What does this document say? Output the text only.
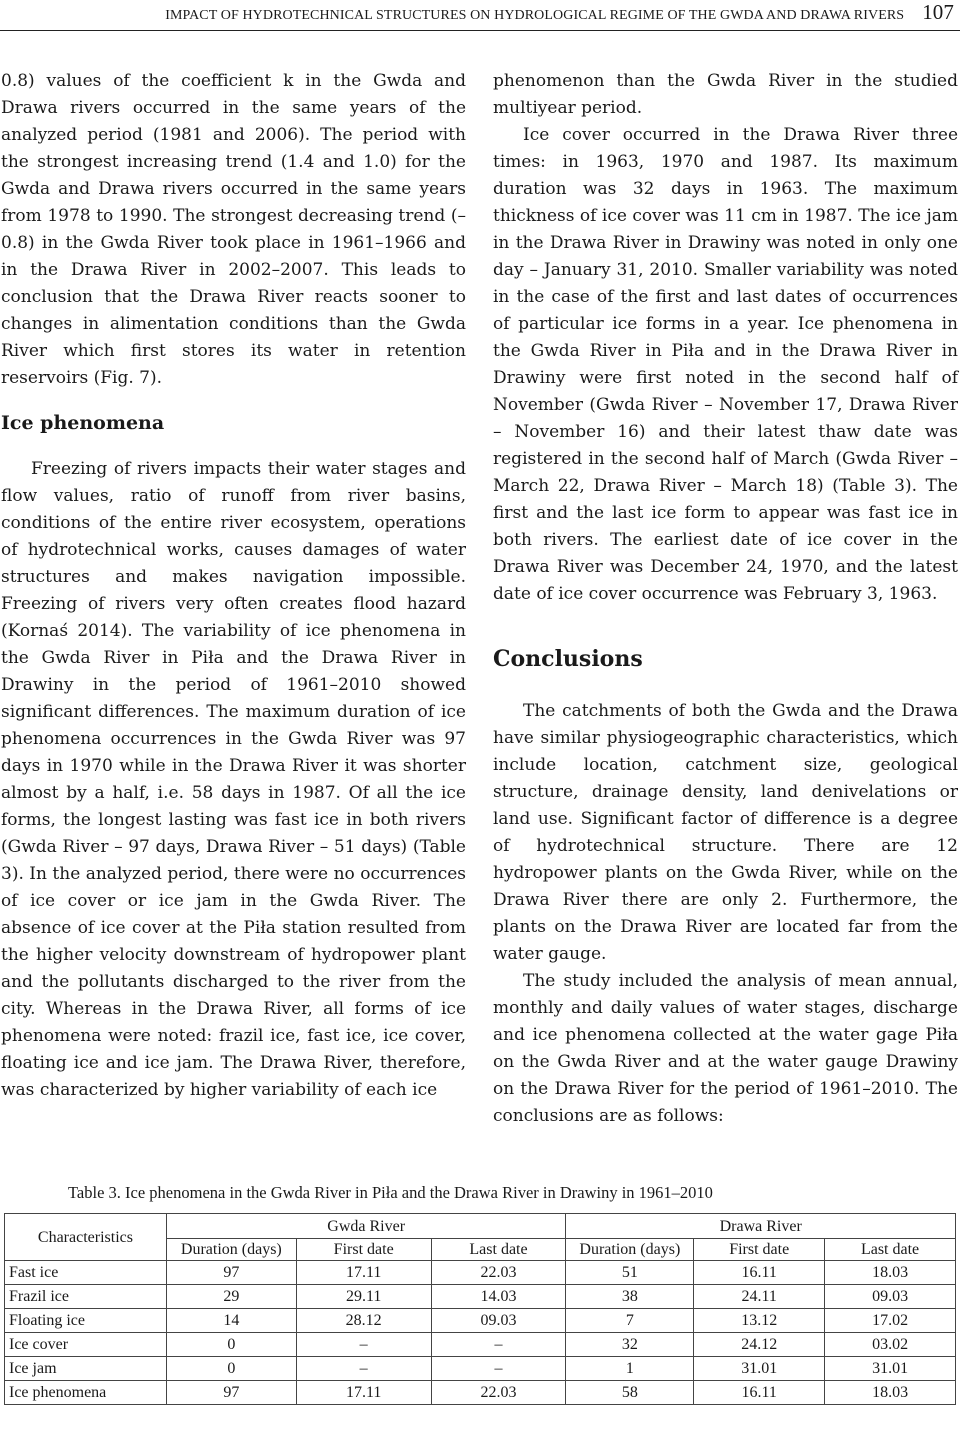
IMPACT OF HYDROTECHNICAL STRUCTURES ON HYDROLOGICAL REGIME OF THE GWDA AND DRAWA RIVERS 107

0.8) values of the coefficient k in the Gwda and Drawa rivers occurred in the same years of the analyzed period (1981 and 2006). The period with the strongest increasing trend (1.4 and 1.0) for the Gwda and Drawa rivers occurred in the same years from 1978 to 1990. The strongest decreasing trend (–0.8) in the Gwda River took place in 1961–1966 and in the Drawa River in 2002–2007. This leads to conclusion that the Drawa River reacts sooner to changes in alimentation conditions than the Gwda River which first stores its water in retention reservoirs (Fig. 7).

Ice phenomena

Freezing of rivers impacts their water stages and flow values, ratio of runoff from river basins, conditions of the entire river ecosystem, operations of hydrotechnical works, causes damages of water structures and makes navigation impossible. Freezing of rivers very often creates flood hazard (Kornaś 2014). The variability of ice phenomena in the Gwda River in Piła and the Drawa River in Drawiny in the period of 1961–2010 showed significant differences. The maximum duration of ice phenomena occurrences in the Gwda River was 97 days in 1970 while in the Drawa River it was shorter almost by a half, i.e. 58 days in 1987. Of all the ice forms, the longest lasting was fast ice in both rivers (Gwda River – 97 days, Drawa River – 51 days) (Table 3). In the analyzed period, there were no occurrences of ice cover or ice jam in the Gwda River. The absence of ice cover at the Piła station resulted from the higher velocity downstream of hydropower plant and the pollutants discharged to the river from the city. Whereas in the Drawa River, all forms of ice phenomena were noted: frazil ice, fast ice, ice cover, floating ice and ice jam. The Drawa River, therefore, was characterized by higher variability of each ice

phenomenon than the Gwda River in the studied multiyear period.

Ice cover occurred in the Drawa River three times: in 1963, 1970 and 1987. Its maximum duration was 32 days in 1963. The maximum thickness of ice cover was 11 cm in 1987. The ice jam in the Drawa River in Drawiny was noted in only one day – January 31, 2010. Smaller variability was noted in the case of the first and last dates of occurrences of particular ice forms in a year. Ice phenomena in the Gwda River in Piła and in the Drawa River in Drawiny were first noted in the second half of November (Gwda River – November 17, Drawa River – November 16) and their latest thaw date was registered in the second half of March (Gwda River – March 22, Drawa River – March 18) (Table 3). The first and the last ice form to appear was fast ice in both rivers. The earliest date of ice cover in the Drawa River was December 24, 1970, and the latest date of ice cover occurrence was February 3, 1963.

Conclusions

The catchments of both the Gwda and the Drawa have similar physiogeographic characteristics, which include location, catchment size, geological structure, drainage density, land denivelations or land use. Significant factor of difference is a degree of hydrotechnical structure. There are 12 hydropower plants on the Gwda River, while on the Drawa River there are only 2. Furthermore, the plants on the Drawa River are located far from the water gauge.

The study included the analysis of mean annual, monthly and daily values of water stages, discharge and ice phenomena collected at the water gage Piła on the Gwda River and at the water gauge Drawiny on the Drawa River for the period of 1961–2010. The conclusions are as follows:

Table 3. Ice phenomena in the Gwda River in Piła and the Drawa River in Drawiny in 1961–2010
Characteristics	Gwda River			Drawa River		
	Duration (days)	First date	Last date	Duration (days)	First date	Last date
Fast ice	97	17.11	22.03	51	16.11	18.03
Frazil ice	29	29.11	14.03	38	24.11	09.03
Floating ice	14	28.12	09.03	7	13.12	17.02
Ice cover	0	–	–	32	24.12	03.02
Ice jam	0	–	–	1	31.01	31.01
Ice phenomena	97	17.11	22.03	58	16.11	18.03
